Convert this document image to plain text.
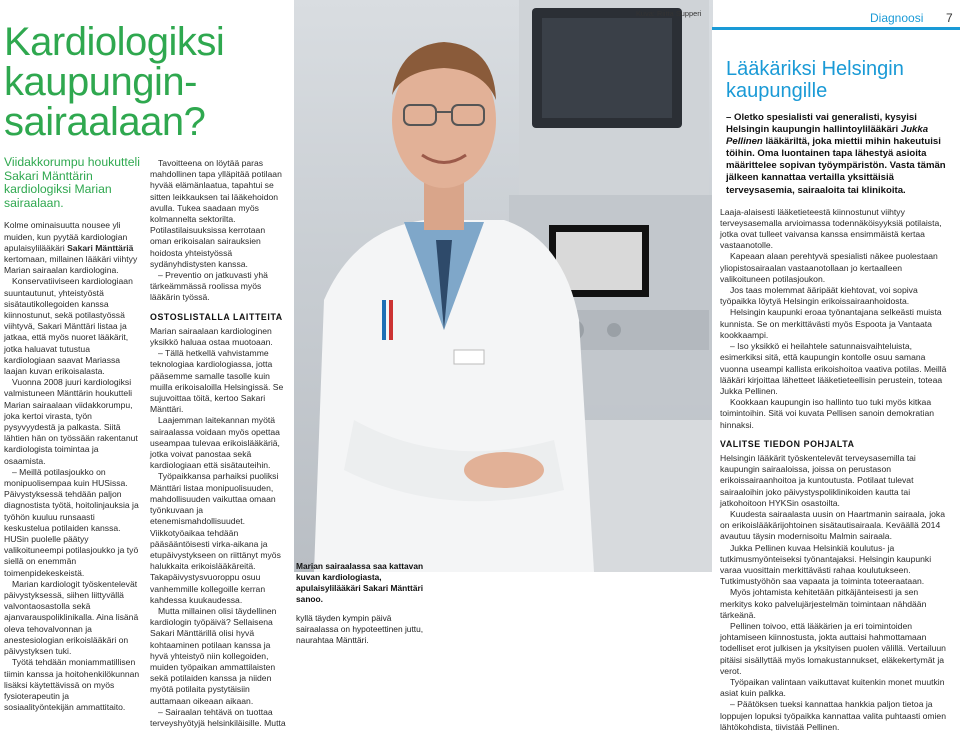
Kardiologiksi kaupungin-sairaalaan?
Viidakkorumpu houkutteli Sakari Mänttärin kardiologiksi Marian sairaalaan.

Kolme ominaisuutta nousee yli muiden, kun pyytää kardiologian apulaisylilääkäri Sakari Mänttäriä kertomaan, millainen lääkäri viihtyy Marian sairaalan kardiologina.

Konservatiiviseen kardiologiaan suuntautunut, yhteistyöstä sisätautikollegoiden kanssa kiinnostunut, sekä potilastyössä viihtyvä, Sakari Mänttäri listaa ja jatkaa, että myös nuoret lääkärit, jotka haluavat tutustua kardiologiaan saavat Mariassa laajan kuvan erikoisalasta.

Vuonna 2008 juuri kardiologiksi valmistuneen Mänttärin houkutteli Marian sairaalaan viidakkorumpu, joka kertoi virasta, työn pysyvyydestä ja palkasta. Siitä lähtien hän on työssään rakentanut kardiologista toimintaa ja osaamista.

– Meillä potilasjoukko on monipuolisempaa kuin HUSissa. Päivystyksessä tehdään paljon diagnostista työtä, hoitolinjauksia ja työhön kuuluu runsaasti keskustelua potilaiden kanssa. HUSin puolelle päätyy valikoituneempi potilasjoukko ja työ siellä on enemmän toimenpidekeskeistä.

Marian kardiologit työskentelevät päivystyksessä, siihen liittyvällä valvontaosastolla sekä ajanvarauspoliklinikalla. Aina lisänä oleva tehovalvonnan ja anestesiologian erikoislääkäri on päivystyksen tuki.

Työtä tehdään moniammatillisen tiimin kanssa ja hoitohenkilökunnan lisäksi käytettävissä on myös fysioterapeutin ja sosiaalityöntekijän ammattitaito.

Tavoitteena on löytää paras mahdollinen tapa ylläpitää potilaan hyvää elämänlaatua, tapahtui se sitten leikkauksen tai lääkehoidon avulla. Tukea saadaan myös kolmannelta sektorilta. Potilastilaisuuksissa kerrotaan oman erikoisalan sairauksien hoidosta yhteistyössä sydänyhdistysten kanssa.

– Preventio on jatkuvasti yhä tärkeämmässä roolissa myös lääkärin työssä.

OSTOSLISTALLA LAITTEITA

Marian sairaalaan kardiologinen yksikkö haluaa ostaa muotoaan.

– Tällä hetkellä vahvistamme teknologiaa kardiologiassa, jotta pääsemme samalle tasolle kuin muilla erikoisaloilla Helsingissä. Se sujuvoittaa töitä, kertoo Sakari Mänttäri.

Laajemman laitekannan myötä sairaalassa voidaan myös opettaa useampaa tulevaa erikoislääkäriä, jotka voivat panostaa sekä kardiologiaan että sisätauteihin.

Työpaikkansa parhaiksi puoliksi Mänttäri listaa monipuolisuuden, mahdollisuuden vaikuttaa omaan työnkuvaan ja etenemismahdollisuudet. Viikkotyöaikaa tehdään pääsääntöisesti virka-aikana ja etupäivystykseen on riittänyt myös halukkaita erikoislääkäreitä. Takapäivystysvuoroppu osuu vanhemmille kollegoille kerran kahdessa kuukaudessa.

Mutta millainen olisi täydellinen kardiologin työpäivä? Sellaisena Sakari Mänttärillä olisi hyvä kohtaaminen potilaan kanssa ja hyvä yhteistyö niin kollegoiden, muiden työpaikan ammattilaisten sekä potilaiden kanssa ja niiden myötä potilaita pystytäisiin auttamaan oikeaan aikaan.

– Sairaalan tehtävä on tuottaa terveyshyötyjä helsinkiläisille. Mutta

Marian sairaalassa saa kattavan kuvan kardiologiasta, apulaisylilääkäri Sakari Mänttäri sanoo.
kyllä täyden kympin päivä sairaalassa on hypoteettinen juttu, naurahtaa Mänttäri.
Kuva: Riitta Supperi	Diagnoosi 7
Lääkäriksi Helsingin kaupungille
– Oletko spesialisti vai generalisti, kysyisi Helsingin kaupungin hallintoylilääkäri Jukka Pellinen lääkäriltä, joka miettii mihin hakeutuisi töihin. Oma luontainen tapa lähestyä asioita määrittelee sopivan työympäristön. Vasta tämän jälkeen kannattaa vertailla yksittäisiä terveysasemia, sairaaloita tai klinikoita.

Laaja-alaisesti lääketieteestä kiinnostunut viihtyy terveysasemalla arvioimassa todennäköisyyksiä potilaista, jotka ovat tulleet vaivansa kanssa ensimmäistä kertaa vastaanotolle.

Kapeaan alaan perehtyvä spesialisti näkee puolestaan yliopistosairaalan vastaanotollaan jo kertaalleen valikoituneen potilasjoukon.

Jos taas molemmat ääripäät kiehtovat, voi sopiva työpaikka löytyä Helsingin erikoissairaanhoidosta.

Helsingin kaupunki eroaa työnantajana selkeästi muista kunnista. Se on merkittävästi myös Espoota ja Vantaata kookkaampi.

– Iso yksikkö ei heilahtele satunnaisvaihteluista, esimerkiksi sitä, että kaupungin kontolle osuu samana vuonna useampi kallista erikoishoitoa vaativa potilas. Meillä lääkäri kirjoittaa lähetteet lääketieteellisin perustein, toteaa Jukka Pellinen.

Kookkaan kaupungin iso hallinto tuo tuki myös kitkaa toimintoihin. Sitä voi kuvata Pellisen sanoin demokratian hinnaksi.

VALITSE TIEDON POHJALTA

Helsingin lääkärit työskentelevät terveysasemilla tai kaupungin sairaaloissa, joissa on perustason erikoissairaanhoitoa ja kuntoutusta. Potilaat tulevat sairaaloihin joko päivystyspoliklinikoiden kautta tai jatkohoitoon HYKSin osastoilta.

Kuudesta sairaalasta uusin on Haartmanin sairaala, joka on erikoislääkärijohtoinen sisätautisairaala. Keväällä 2014 avautuu täysin modernisoitu Malmin sairaala.

Jukka Pellinen kuvaa Helsinkiä koulutus- ja tutkimusmyönteiseksi työnantajaksi. Helsingin kaupunki varaa vuosittain merkittävästi rahaa koulutukseen. Tutkimustyöhön saa vapaata ja toiminta toteeraataan.

Myös johtamista kehitetään pitkäjänteisesti ja sen merkitys koko palvelujärjestelmän toimintaan nähdään tärkeänä.

Pellinen toivoo, että lääkärien ja eri toimintoiden johtamiseen kiinnostusta, jokta auttaisi hahmottamaan todelliset erot julkisen ja yksityisen puolen välillä. Vertailuun pitäisi sisällyttää myös lomakustannukset, eläkekertymät ja verot.

Työpaikan valintaan vaikuttavat kuitenkin monet muutkin asiat kuin palkka.

– Päätöksen tueksi kannattaa hankkia paljon tietoa ja loppujen lopuksi työpaikka kannattaa valita puhtaasti omien lähtökohdista, tiivistää Pellinen.
